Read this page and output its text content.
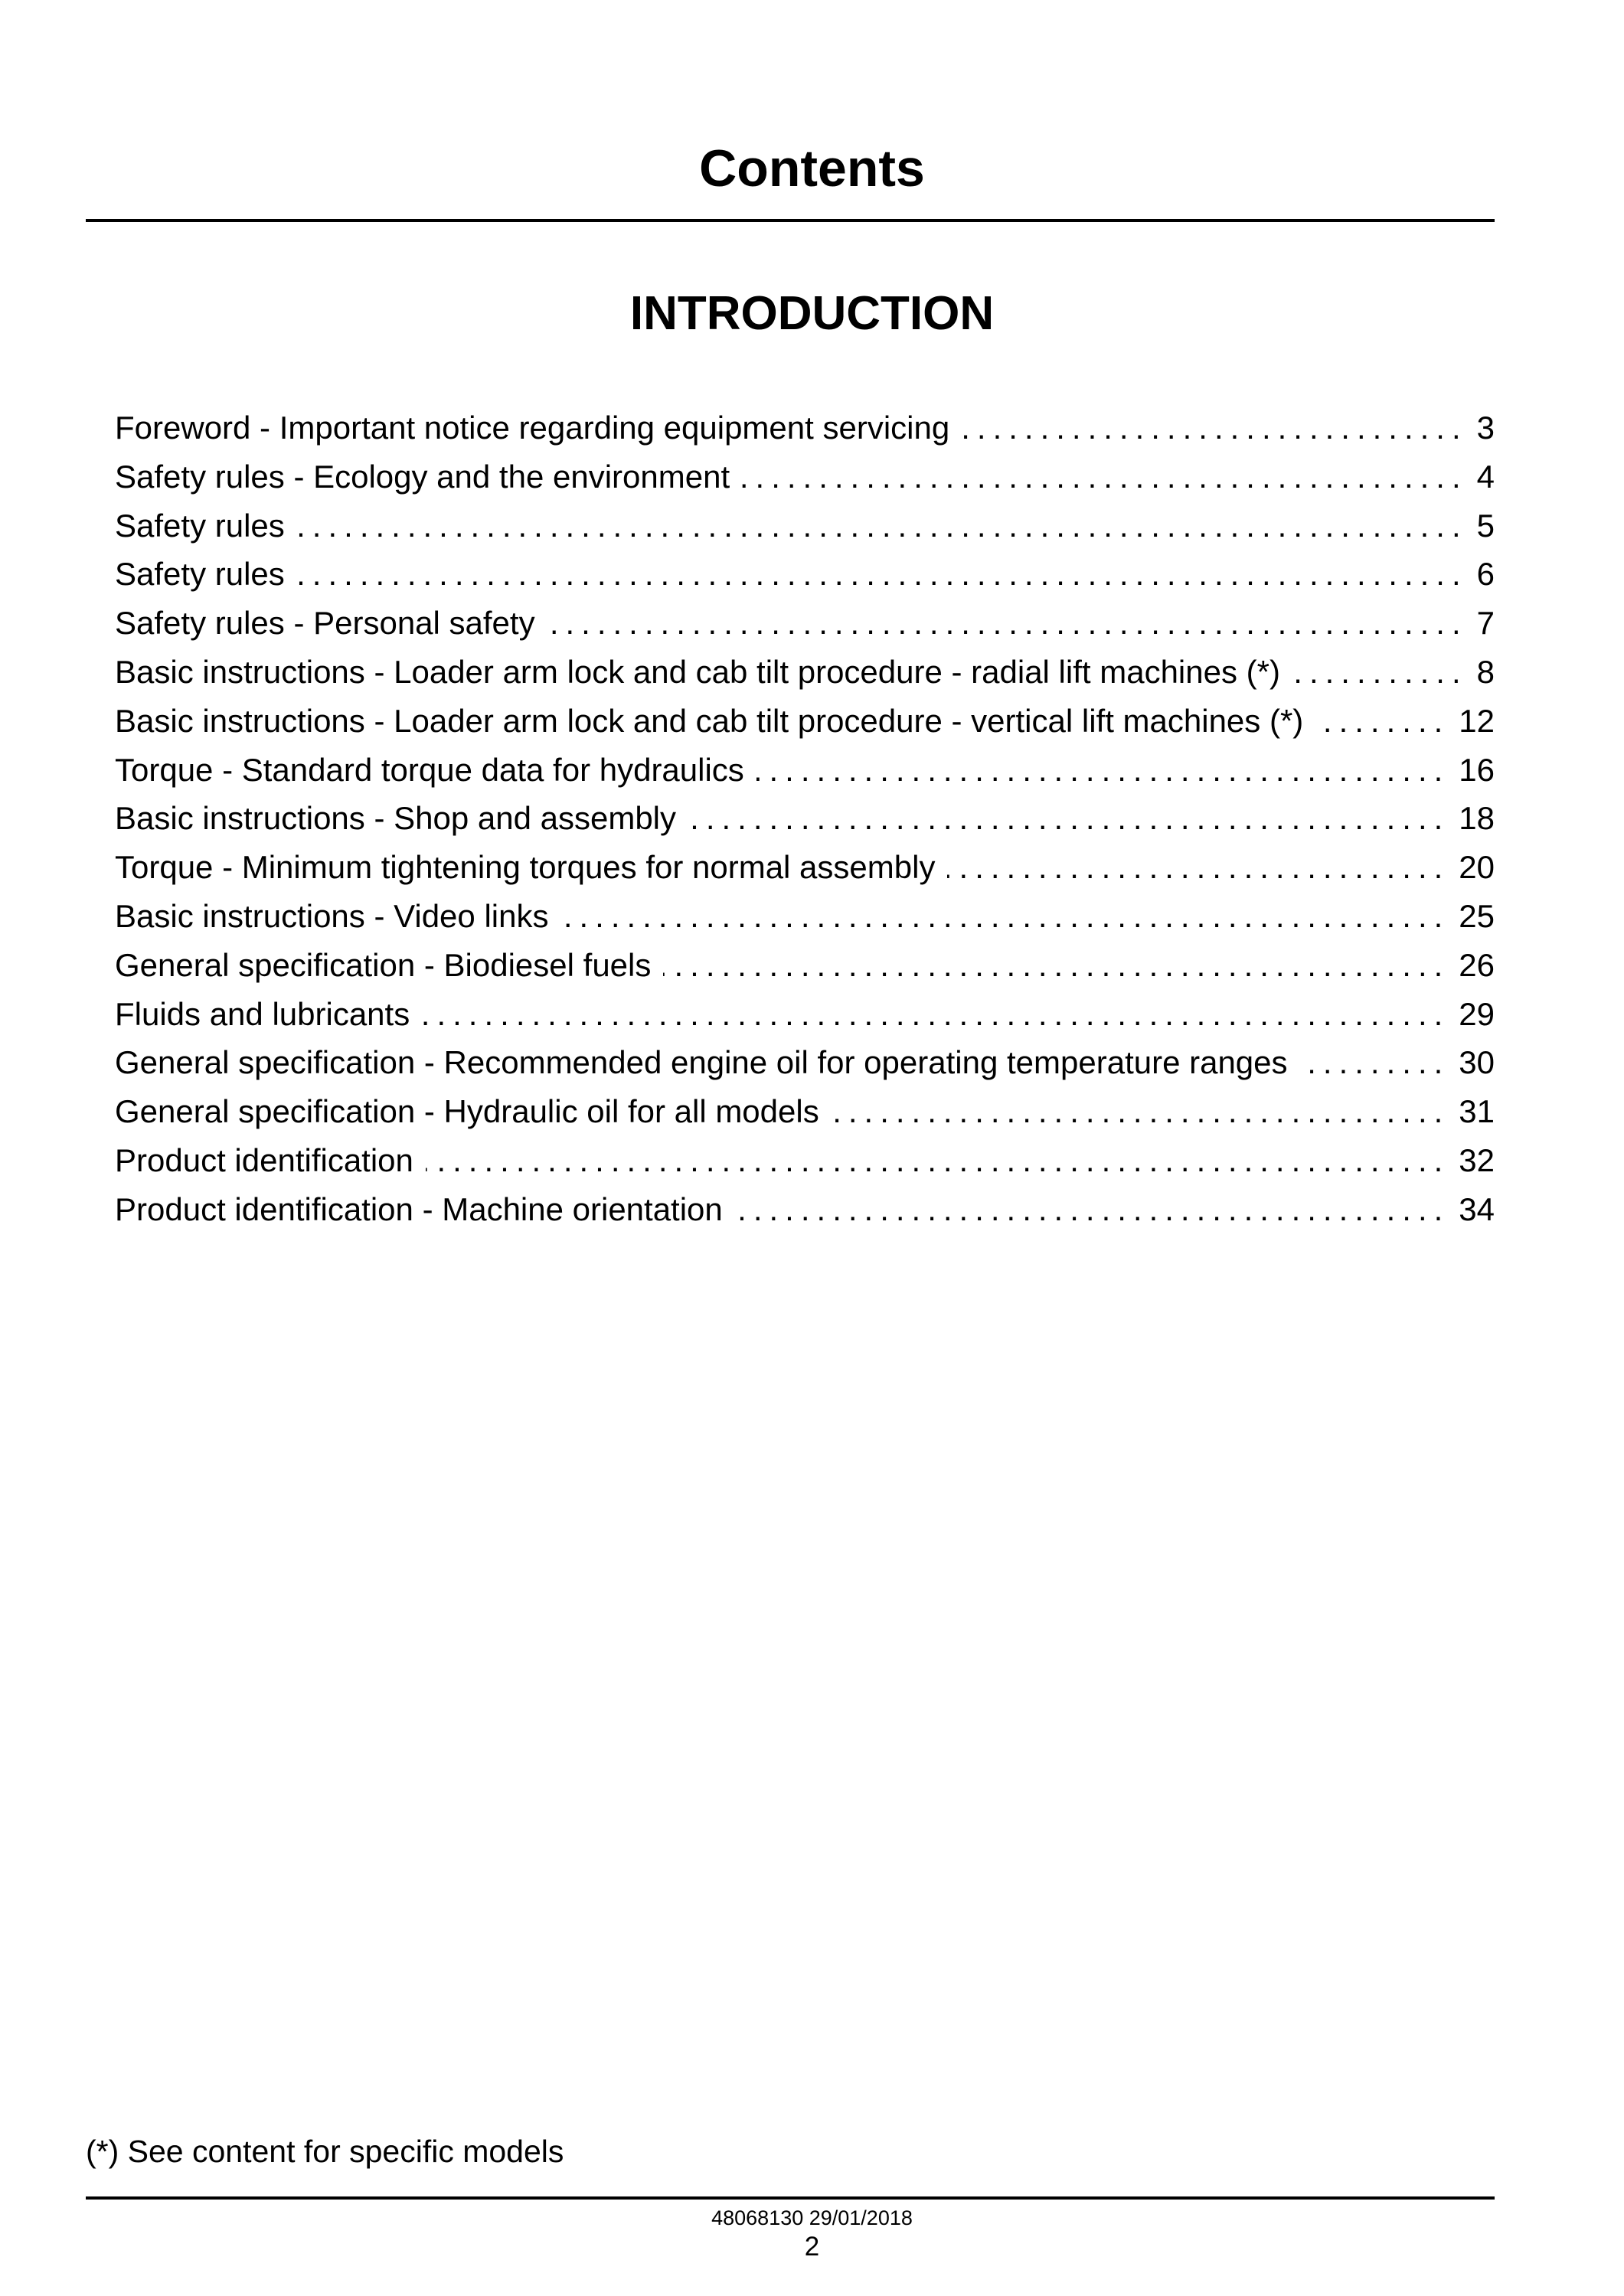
Contents
INTRODUCTION
Foreword - Important notice regarding equipment servicing .....	3
Safety rules - Ecology and the environment .....	4
Safety rules .....	5
Safety rules .....	6
Safety rules - Personal safety .....	7
Basic instructions - Loader arm lock and cab tilt procedure - radial lift machines (*) .....	8
Basic instructions - Loader arm lock and cab tilt procedure - vertical lift machines (*) .....	12
Torque - Standard torque data for hydraulics .....	16
Basic instructions - Shop and assembly .....	18
Torque - Minimum tightening torques for normal assembly .....	20
Basic instructions - Video links .....	25
General specification - Biodiesel fuels .....	26
Fluids and lubricants .....	29
General specification - Recommended engine oil for operating temperature ranges .....	30
General specification - Hydraulic oil for all models .....	31
Product identification .....	32
Product identification - Machine orientation .....	34
(*) See content for specific models
48068130 29/01/2018
2
